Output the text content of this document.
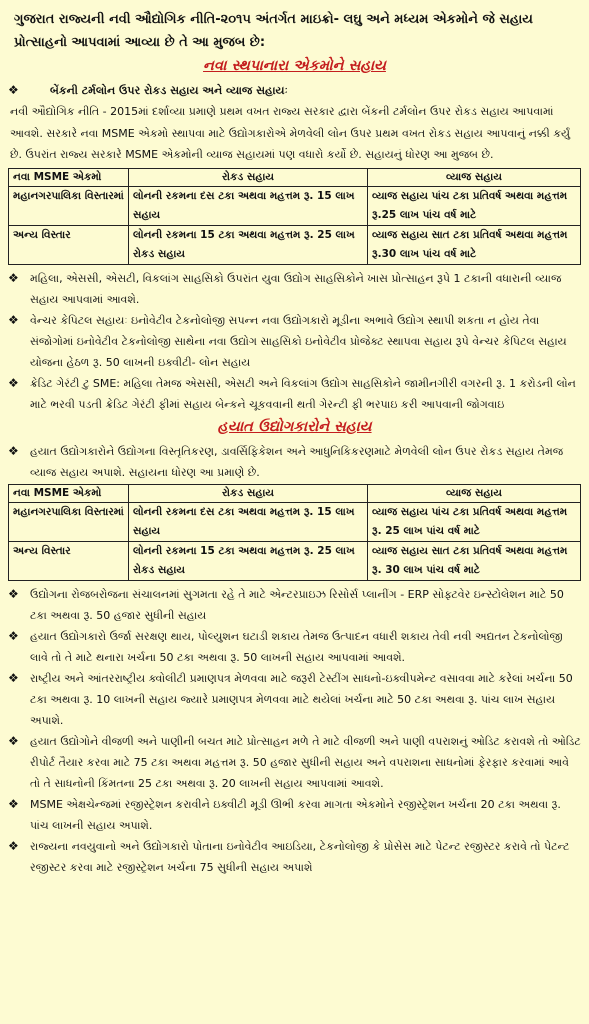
ગુજરાત રાજ્યની નવી ઔદ્યોગિક નીતિ-૨૦૧૫ અંતર્ગત માઇક્રો- લઘુ અને મધ્યમ એકમોને જે સહાય પ્રોત્સાહનો આપવામાં આવ્યા છે તે આ મુજબ છે:
નવા સ્થપાનારા એકમોને સહાય
❖	બેંકની ટર્મલોન ઉપર રોકડ સહાય અને વ્યાજ સહાયઃ
નવી ઔદ્યોગિક નીતિ - 2015માં દર્શાવ્યા પ્રમાણે પ્રથમ વખત રાજ્ય સરકાર દ્વારા બેંકની ટર્મલોન ઉપર રોકડ સહાય આપવામાં આવશે. સરકારે નવા MSME એકમો સ્થાપવા માટે ઉદ્યોગકારોએ મેળવેલી લોન ઉપર પ્રથમ વખત રોકડ સહાય આપવાનું નક્કી કર્યું છે. ઉપરાંત રાજ્ય સરકારે MSME એકમોની વ્યાજ સહાયમાં પણ વધારો કર્યો છે. સહાયનું ધોરણ આ મુજબ છે.
નવા MSME એકમો	રોકડ સહાય	વ્યાજ સહાય
મહાનગરપાલિકા વિસ્તારમાં	લોનની રકમના દસ ટકા અથવા મહત્તમ રૂ. 15 લાખ સહાય	વ્યાજ સહાય પાંચ ટકા પ્રતિવર્ષ અથવા મહત્તમ રૂ.25 લાખ પાંચ વર્ષ માટે
અન્ય વિસ્તાર	લોનની રકમના 15 ટકા અથવા મહત્તમ રૂ. 25 લાખ રોકડ સહાય	વ્યાજ સહાય સાત ટકા પ્રતિવર્ષ અથવા મહત્તમ રૂ.30 લાખ પાંચ વર્ષ માટે
❖	મહિલા, એસસી, એસટી, વિકલાંગ સાહસિકો ઉપરાંત યુવા ઉદ્યોગ સાહસિકોને ખાસ પ્રોત્સાહન રૂપે 1 ટકાની વધારાની વ્યાજ સહાય આપવામાં આવશે.
❖	વેન્ચર કેપિટલ સહાયઃ ઇનોવેટીવ ટેકનોલોજી સપન્ન નવા ઉદ્યોગકારો મૂડીના અભાવે ઉદ્યોગ સ્થાપી શકતા ન હોય તેવા સંજોગોમાં ઇનોવેટીવ ટેકનોલોજી સાથેના નવા ઉદ્યોગ સાહસિકો ઇનોવેટીવ પ્રોજેક્ટ સ્થાપવા સહાય રૂપે વેન્ચર કેપિટલ સહાય યોજના હેઠળ રૂ. 50 લાખની ઇક્વીટી- લોન સહાય
❖	ક્રેડિટ ગેરંટી ટુ SME: મહિલા તેમજ એસસી, એસટી અને વિકલાંગ ઉદ્યોગ સાહસિકોને જામીનગીરી વગરની રૂ. 1 કરોડની લોન માટે ભરવી પડતી ક્રેડિટ ગેરંટી ફીમાં સહાય બેન્કને ચૂકવવાની થતી ગેરન્ટી ફી ભરપાઇ કરી આપવાની જોગવાઇ
હયાત ઉદ્યોગકારોને સહાય
❖	હયાત ઉદ્યોગકારોને ઉદ્યોગના વિસ્તૃતિકરણ, ડાવર્સિફિકેશન અને આધુનિકિકરણમાટે મેળવેલી લોન ઉપર રોકડ સહાય તેમજ વ્યાજ સહાય અપાશે. સહાયના ધોરણ આ પ્રમાણે છે.
નવા MSME એકમો	રોકડ સહાય	વ્યાજ સહાય
મહાનગરપાલિકા વિસ્તારમાં	લોનની રકમના દસ ટકા અથવા મહત્તમ રૂ. 15 લાખ સહાય	વ્યાજ સહાય પાંચ ટકા પ્રતિવર્ષ અથવા મહત્તમ રૂ. 25 લાખ પાંચ વર્ષ માટે
અન્ય વિસ્તાર	લોનની રકમના 15 ટકા અથવા મહત્તમ રૂ. 25 લાખ રોકડ સહાય	વ્યાજ સહાય સાત ટકા પ્રતિવર્ષ અથવા મહત્તમ રૂ. 30 લાખ પાંચ વર્ષ માટે
❖	ઉદ્યોગના રોજબરોજના સંચાલનમાં સુગમતા રહે તે માટે એન્ટરપ્રાઇઝ રિસોર્સ પ્લાનીંગ - ERP સોફ્ટવેર ઇન્સ્ટોલેશન માટે 50 ટકા અથવા રૂ. 50 હજાર સુધીની સહાય
❖	હયાત ઉદ્યોગકારો ઉર્જા સરક્ષણ થાય, પોલ્યુશન ઘટાડી શકાય તેમજ ઉત્પાદન વધારી શકાય તેવી નવી અદ્યતન ટેકનોલોજી લાવે તો તે માટે થનારા ખર્ચના 50 ટકા અથવા રૂ. 50 લાખની સહાય આપવામાં આવશે.
❖	રાષ્ટ્રીય અને આંતરરાષ્ટ્રીય ક્વોલીટી પ્રમાણપત્ર મેળવવા માટે જરૂરી ટેસ્ટીંગ સાધનો-ઇક્વીપમેન્ટ વસાવવા માટે કરેલાં ખર્ચના 50 ટકા અથવા રૂ. 10 લાખની સહાય જ્યારે પ્રમાણપત્ર મેળવવા માટે થયેલાં ખર્ચના માટે 50 ટકા અથવા રૂ. પાંચ લાખ સહાય અપાશે.
❖	હયાત ઉદ્યોગોને વીજળી અને પાણીની બચત માટે પ્રોત્સાહન મળે તે માટે વીજળી અને પાણી વપરાશનું ઓડિટ કરાવશે તો ઓડિટ રીપોર્ટ તૈયાર કરવા માટે 75 ટકા અથવા મહત્તમ રૂ. 50 હજાર સુધીની સહાય અને વપરાશના સાધનોમાં ફેરફાર કરવામાં આવે તો તે સાધનોની કિંમતના 25 ટકા અથવા રૂ. 20 લાખની સહાય આપવામાં આવશે.
❖	MSME એક્ષચેન્જમાં રજીસ્ટ્રેશન કરાવીને ઇક્વીટી મૂડી ઊભી કરવા માગતા એકમોને રજીસ્ટ્રેશન ખર્ચના 20 ટકા અથવા રૂ. પાંચ લાખની સહાય અપાશે.
❖	રાજ્યના નવયુવાનો અને ઉદ્યોગકારો પોતાના ઇનોવેટીવ આઇડિયા, ટેકનોલોજી કે પ્રોસેસ માટે પેટન્ટ રજીસ્ટર કરાવે તો પેટન્ટ રજીસ્ટર કરવા માટે રજીસ્ટ્રેશન ખર્ચના 75 સુધીની સહાય અપાશે
